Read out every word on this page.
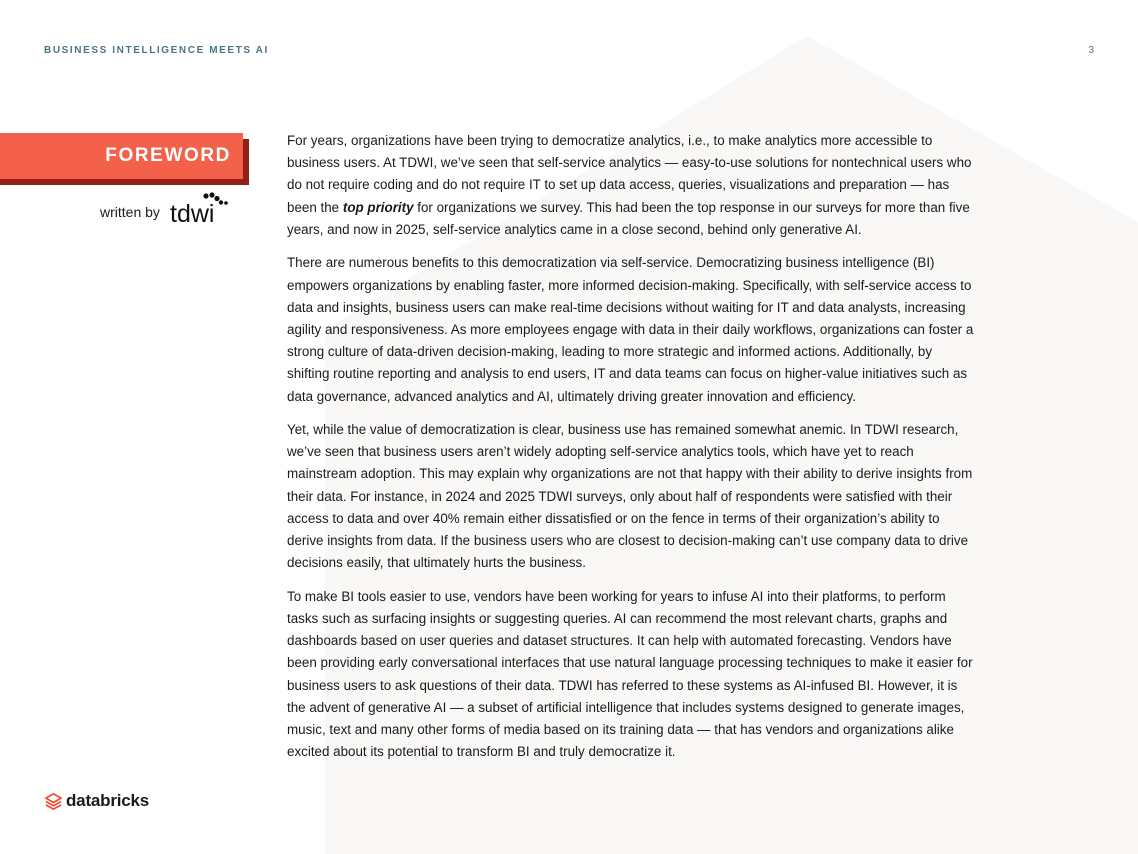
BUSINESS INTELLIGENCE MEETS AI	3
FOREWORD
written by tdwi

For years, organizations have been trying to democratize analytics, i.e., to make analytics more accessible to business users. At TDWI, we’ve seen that self-service analytics — easy-to-use solutions for nontechnical users who do not require coding and do not require IT to set up data access, queries, visualizations and preparation — has been the top priority for organizations we survey. This had been the top response in our surveys for more than five years, and now in 2025, self-service analytics came in a close second, behind only generative AI.

There are numerous benefits to this democratization via self-service. Democratizing business intelligence (BI) empowers organizations by enabling faster, more informed decision-making. Specifically, with self-service access to data and insights, business users can make real-time decisions without waiting for IT and data analysts, increasing agility and responsiveness. As more employees engage with data in their daily workflows, organizations can foster a strong culture of data-driven decision-making, leading to more strategic and informed actions. Additionally, by shifting routine reporting and analysis to end users, IT and data teams can focus on higher-value initiatives such as data governance, advanced analytics and AI, ultimately driving greater innovation and efficiency.

Yet, while the value of democratization is clear, business use has remained somewhat anemic. In TDWI research, we’ve seen that business users aren’t widely adopting self-service analytics tools, which have yet to reach mainstream adoption. This may explain why organizations are not that happy with their ability to derive insights from their data. For instance, in 2024 and 2025 TDWI surveys, only about half of respondents were satisfied with their access to data and over 40% remain either dissatisfied or on the fence in terms of their organization’s ability to derive insights from data. If the business users who are closest to decision-making can’t use company data to drive decisions easily, that ultimately hurts the business.

To make BI tools easier to use, vendors have been working for years to infuse AI into their platforms, to perform tasks such as surfacing insights or suggesting queries. AI can recommend the most relevant charts, graphs and dashboards based on user queries and dataset structures. It can help with automated forecasting. Vendors have been providing early conversational interfaces that use natural language processing techniques to make it easier for business users to ask questions of their data. TDWI has referred to these systems as AI-infused BI. However, it is the advent of generative AI — a subset of artificial intelligence that includes systems designed to generate images, music, text and many other forms of media based on its training data — that has vendors and organizations alike excited about its potential to transform BI and truly democratize it.

databricks
